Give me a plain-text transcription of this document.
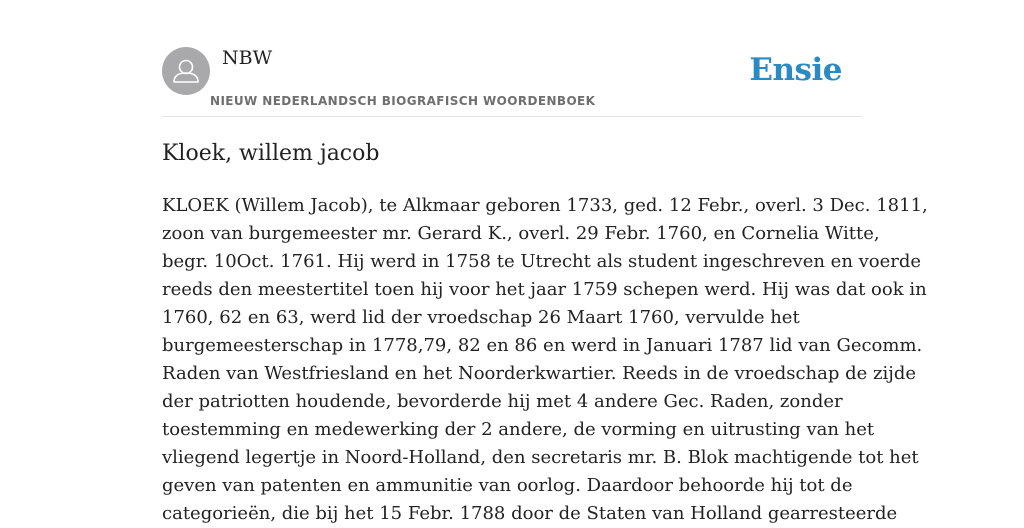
NBW
NIEUW NEDERLANDSCH BIOGRAFISCH WOORDENBOEK
Ensie
Kloek, willem jacob
KLOEK (Willem Jacob), te Alkmaar geboren 1733, ged. 12 Febr., overl. 3 Dec. 1811,
zoon van burgemeester mr. Gerard K., overl. 29 Febr. 1760, en Cornelia Witte,
begr. 10Oct. 1761. Hij werd in 1758 te Utrecht als student ingeschreven en voerde
reeds den meestertitel toen hij voor het jaar 1759 schepen werd. Hij was dat ook in
1760, 62 en 63, werd lid der vroedschap 26 Maart 1760, vervulde het
burgemeesterschap in 1778,79, 82 en 86 en werd in Januari 1787 lid van Gecomm.
Raden van Westfriesland en het Noorderkwartier. Reeds in de vroedschap de zijde
der patriotten houdende, bevorderde hij met 4 andere Gec. Raden, zonder
toestemming en medewerking der 2 andere, de vorming en uitrusting van het
vliegend legertje in Noord-Holland, den secretaris mr. B. Blok machtigende tot het
geven van patenten en ammunitie van oorlog. Daardoor behoorde hij tot de
categorieën, die bij het 15 Febr. 1788 door de Staten van Holland gearresteerde
